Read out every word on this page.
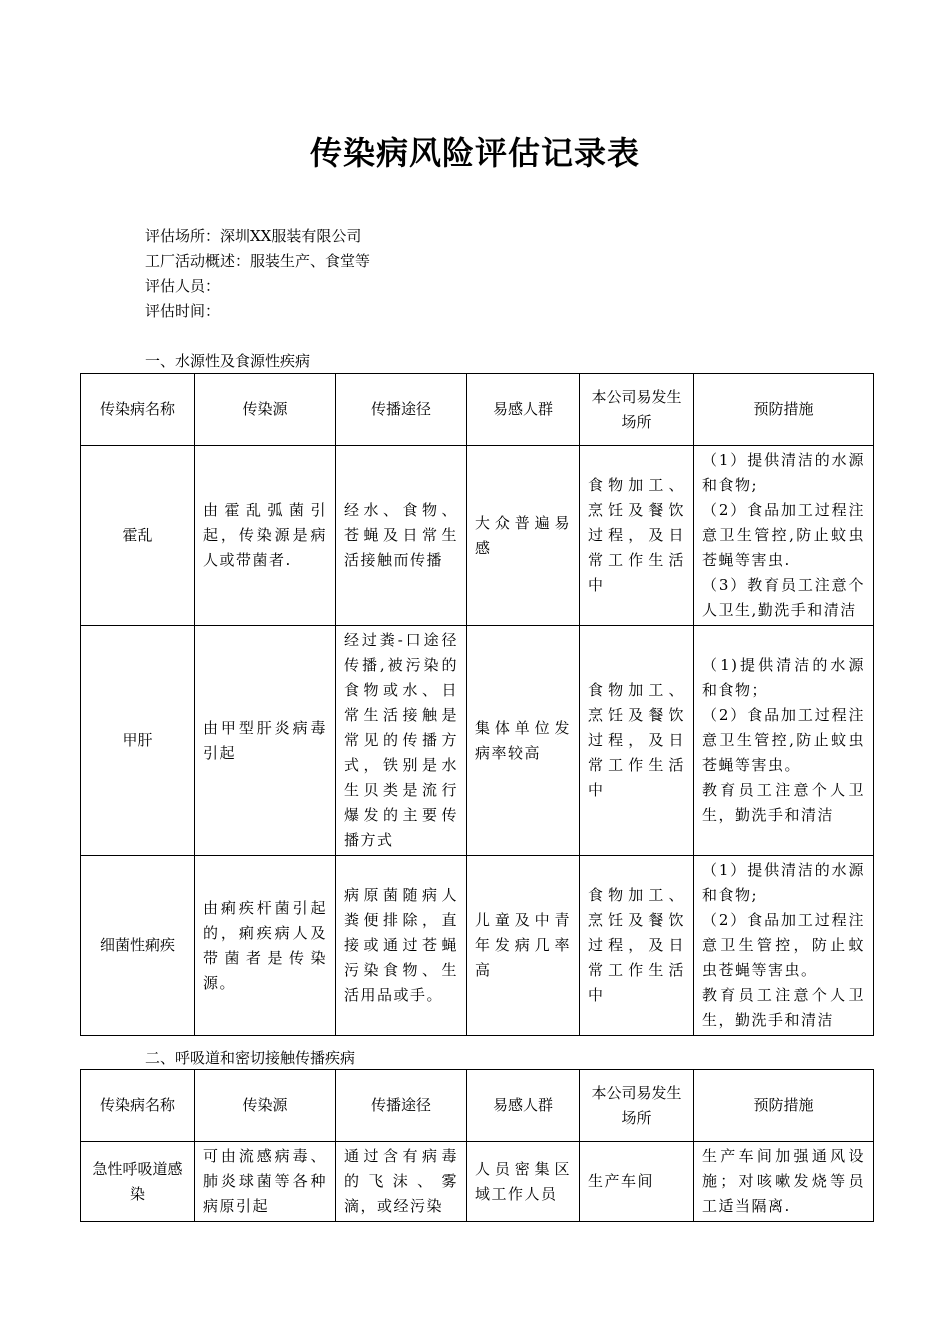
传染病风险评估记录表
评估场所：深圳XX服装有限公司
工厂活动概述：服装生产、食堂等
评估人员：
评估时间：
一、水源性及食源性疾病
传染病名称	传染源	传播途径	易感人群	本公司易发生场所	预防措施
霍乱	由霍乱弧菌引起，传染源是病人或带菌者.	经水、食物、苍蝇及日常生活接触而传播	大众普遍易感	食物加工、烹饪及餐饮过程，及日常工作生活中	（1）提供清洁的水源和食物;
（2）食品加工过程注意卫生管控,防止蚊虫苍蝇等害虫.
（3）教育员工注意个人卫生,勤洗手和清洁

甲肝	由甲型肝炎病毒引起	经过粪-口途径传播,被污染的食物或水、日常生活接触是常见的传播方式，铁别是水生贝类是流行爆发的主要传播方式	集体单位发病率较高	食物加工、烹饪及餐饮过程，及日常工作生活中	（1)提供清洁的水源和食物；
（2）食品加工过程注意卫生管控,防止蚊虫苍蝇等害虫。
教育员工注意个人卫生，勤洗手和清洁

细菌性痢疾	由痢疾杆菌引起的，痢疾病人及带菌者是传染源。	病原菌随病人粪便排除，直接或通过苍蝇污染食物、生活用品或手。	儿童及中青年发病几率高	食物加工、烹饪及餐饮过程，及日常工作生活中	（1）提供清洁的水源和食物;
（2）食品加工过程注意卫生管控，防止蚊虫苍蝇等害虫。
教育员工注意个人卫生，勤洗手和清洁
二、呼吸道和密切接触传播疾病
传染病名称	传染源	传播途径	易感人群	本公司易发生场所	预防措施
急性呼吸道感染	可由流感病毒、肺炎球菌等各种病原引起	通过含有病毒的飞沫、雾滴，或经污染	人员密集区域工作人员	生产车间	生产车间加强通风设施；对咳嗽发烧等员工适当隔离.
